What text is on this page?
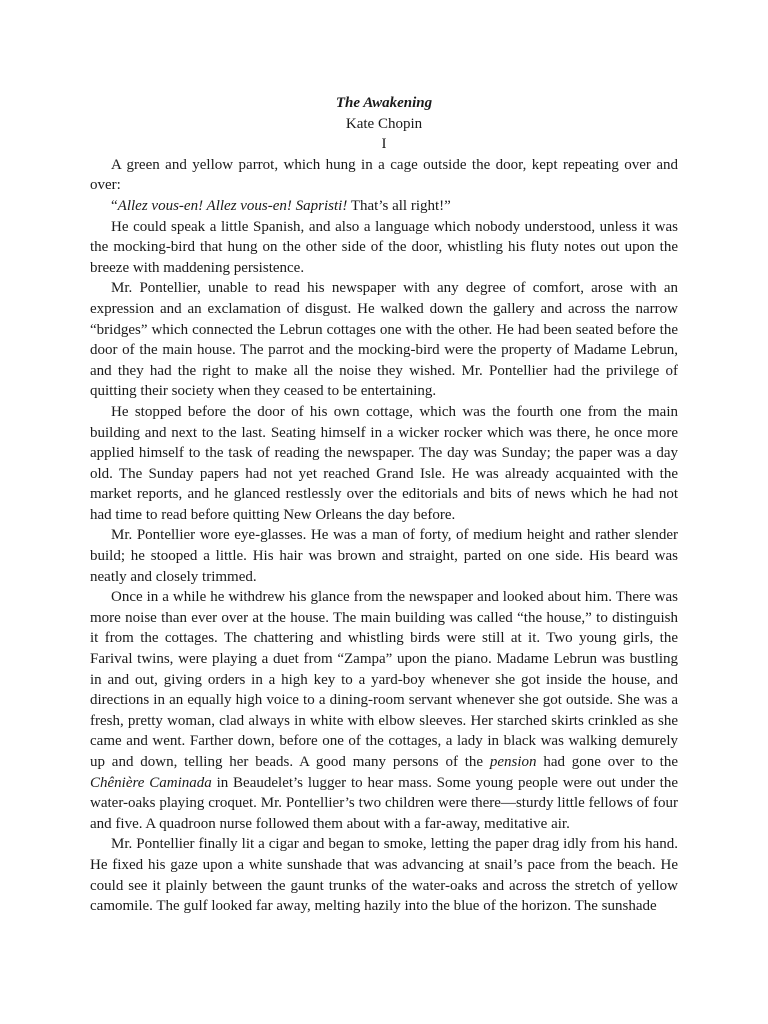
The Awakening
Kate Chopin
I

A green and yellow parrot, which hung in a cage outside the door, kept repeating over and over:

“Allez vous-en! Allez vous-en! Sapristi! That’s all right!”

He could speak a little Spanish, and also a language which nobody understood, unless it was the mocking-bird that hung on the other side of the door, whistling his fluty notes out upon the breeze with maddening persistence.

Mr. Pontellier, unable to read his newspaper with any degree of comfort, arose with an expression and an exclamation of disgust. He walked down the gallery and across the narrow “bridges” which connected the Lebrun cottages one with the other. He had been seated before the door of the main house. The parrot and the mocking-bird were the property of Madame Lebrun, and they had the right to make all the noise they wished. Mr. Pontellier had the privilege of quitting their society when they ceased to be entertaining.

He stopped before the door of his own cottage, which was the fourth one from the main building and next to the last. Seating himself in a wicker rocker which was there, he once more applied himself to the task of reading the newspaper. The day was Sunday; the paper was a day old. The Sunday papers had not yet reached Grand Isle. He was already acquainted with the market reports, and he glanced restlessly over the editorials and bits of news which he had not had time to read before quitting New Orleans the day before.

Mr. Pontellier wore eye-glasses. He was a man of forty, of medium height and rather slender build; he stooped a little. His hair was brown and straight, parted on one side. His beard was neatly and closely trimmed.

Once in a while he withdrew his glance from the newspaper and looked about him. There was more noise than ever over at the house. The main building was called “the house,” to distinguish it from the cottages. The chattering and whistling birds were still at it. Two young girls, the Farival twins, were playing a duet from “Zampa” upon the piano. Madame Lebrun was bustling in and out, giving orders in a high key to a yard-boy whenever she got inside the house, and directions in an equally high voice to a dining-room servant whenever she got outside. She was a fresh, pretty woman, clad always in white with elbow sleeves. Her starched skirts crinkled as she came and went. Farther down, before one of the cottages, a lady in black was walking demurely up and down, telling her beads. A good many persons of the pension had gone over to the Chênière Caminada in Beaudelet’s lugger to hear mass. Some young people were out under the water-oaks playing croquet. Mr. Pontellier’s two children were there—sturdy little fellows of four and five. A quadroon nurse followed them about with a far-away, meditative air.

Mr. Pontellier finally lit a cigar and began to smoke, letting the paper drag idly from his hand. He fixed his gaze upon a white sunshade that was advancing at snail’s pace from the beach. He could see it plainly between the gaunt trunks of the water-oaks and across the stretch of yellow camomile. The gulf looked far away, melting hazily into the blue of the horizon. The sunshade
